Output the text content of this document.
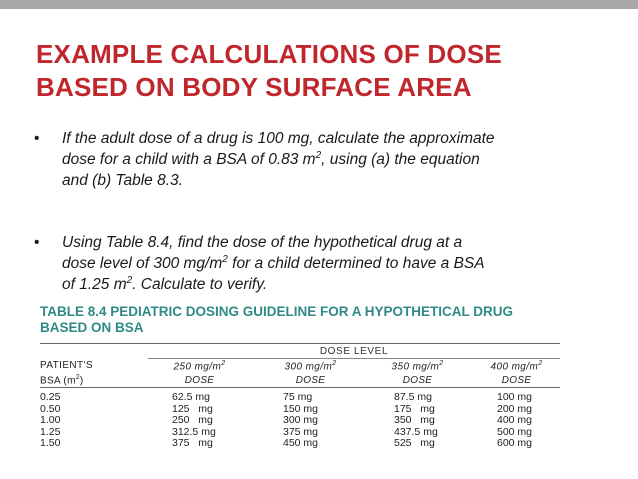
EXAMPLE CALCULATIONS OF DOSE
BASED ON BODY SURFACE AREA
• If the adult dose of a drug is 100 mg, calculate the approximate
dose for a child with a BSA of 0.83 $m^2$, using (a) the equation
and (b) Table 8.3.
• Using Table 8.4, find the dose of the hypothetical drug at a
dose level of 300 $mg/m^2$ for a child determined to have a BSA
of 1.25 $m^2$. Calculate to verify.
TABLE 8.4 PEDIATRIC DOSING GUIDELINE FOR A HYPOTHETICAL DRUG
BASED ON BSA
		DOSE LEVEL						
PATIENT'S		250 $mg/m^2$		300 $mg/m^2$		350 $mg/m^2$		400 $mg/m^2$
BSA $(m^2)$		DOSE		DOSE		DOSE		DOSE
0.25		62.5 mg		75 mg		87.5 mg		100 mg
0.50		125   mg		150 mg		175   mg		200 mg
1.00		250   mg		300 mg		350   mg		400 mg
1.25		312.5 mg		375 mg		437.5 mg		500 mg
1.50		375   mg		450 mg		525   mg		600 mg
